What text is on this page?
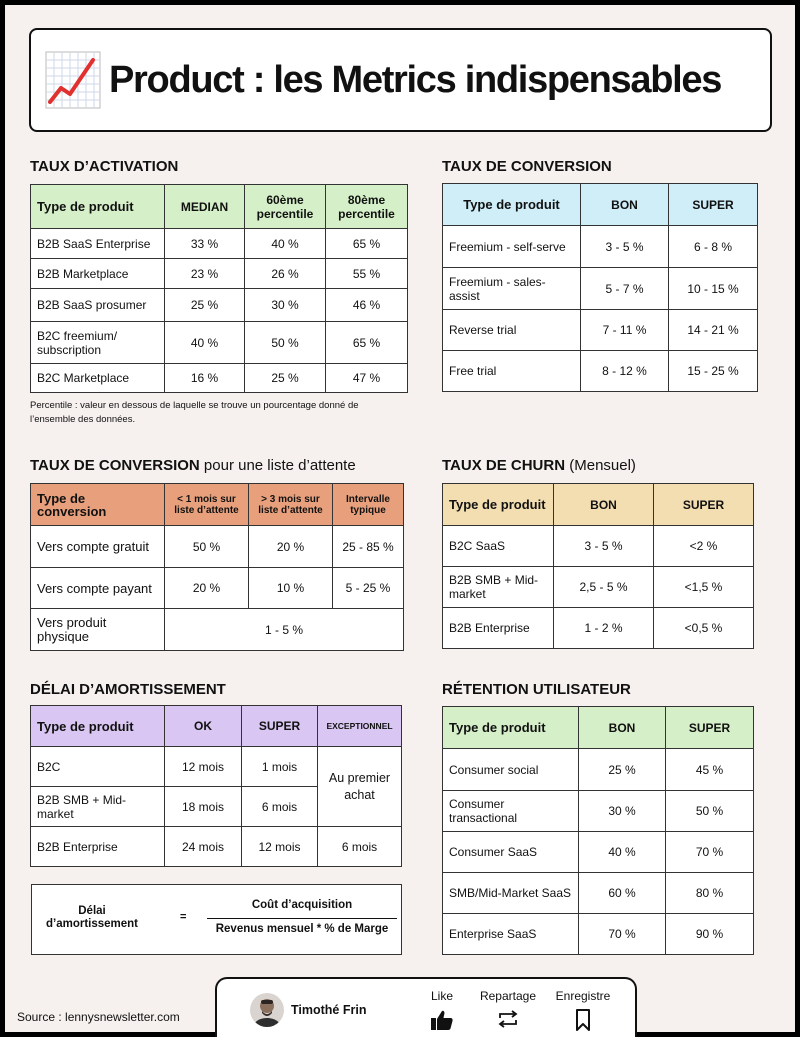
Product : les Metrics indispensables
TAUX D’ACTIVATION
Type de produit	MEDIAN	60ème percentile	80ème percentile
B2B SaaS Enterprise	33 %	40 %	65 %
B2B Marketplace	23 %	26 %	55 %
B2B SaaS prosumer	25 %	30 %	46 %
B2C freemium/ subscription	40 %	50 %	65 %
B2C Marketplace	16 %	25 %	47 %
Percentile : valeur en dessous de laquelle se trouve un pourcentage donné de l’ensemble des données.
TAUX DE CONVERSION
Type de produit	BON	SUPER
Freemium - self-serve	3 - 5 %	6 - 8 %
Freemium - sales-assist	5 - 7 %	10 - 15 %
Reverse trial	7 - 11 %	14 - 21 %
Free trial	8 - 12 %	15 - 25 %
TAUX DE CONVERSION pour une liste d’attente
Type de conversion	< 1 mois sur liste d’attente	> 3 mois sur liste d’attente	Intervalle typique
Vers compte gratuit	50 %	20 %	25 - 85 %
Vers compte payant	20 %	10 %	5 - 25 %
Vers produit physique	1 - 5 %		
TAUX DE CHURN (Mensuel)
Type de produit	BON	SUPER
B2C SaaS	3 - 5 %	<2 %
B2B SMB + Mid-market	2,5 - 5 %	<1,5 %
B2B Enterprise	1 - 2 %	<0,5 %
DÉLAI D’AMORTISSEMENT
Type de produit	OK	SUPER	EXCEPTIONNEL
B2C	12 mois	1 mois	Au premier achat
B2B SMB + Mid-market	18 mois	6 mois	
B2B Enterprise	24 mois	12 mois	6 mois
Délai d’amortissement
=
Coût d’acquisition
Revenus mensuel * % de Marge
RÉTENTION UTILISATEUR
Type de produit	BON	SUPER
Consumer social	25 %	45 %
Consumer transactional	30 %	50 %
Consumer SaaS	40 %	70 %
SMB/Mid-Market SaaS	60 %	80 %
Enterprise SaaS	70 %	90 %
Source : lennysnewsletter.com	Timothé Frin
Like	Repartage	Enregistre
